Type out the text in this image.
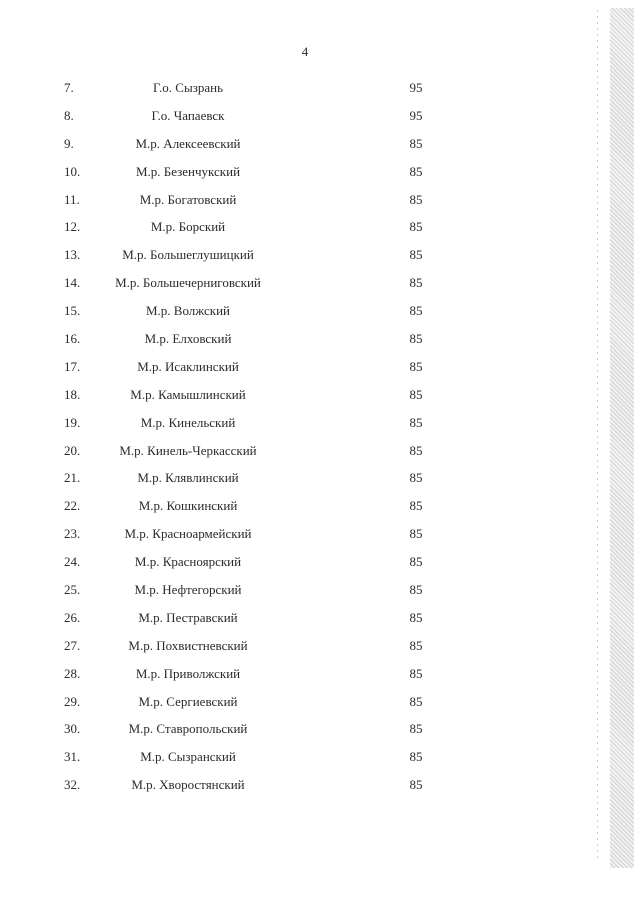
4
7.	Г.о. Сызрань	95
8.	Г.о. Чапаевск	95
9.	М.р. Алексеевский	85
10.	М.р. Безенчукский	85
11.	М.р. Богатовский	85
12.	М.р. Борский	85
13.	М.р. Большеглушицкий	85
14.	М.р. Большечерниговский	85
15.	М.р. Волжский	85
16.	М.р. Елховский	85
17.	М.р. Исаклинский	85
18.	М.р. Камышлинский	85
19.	М.р. Кинельский	85
20.	М.р. Кинель-Черкасский	85
21.	М.р. Клявлинский	85
22.	М.р. Кошкинский	85
23.	М.р. Красноармейский	85
24.	М.р. Красноярский	85
25.	М.р. Нефтегорский	85
26.	М.р. Пестравский	85
27.	М.р. Похвистневский	85
28.	М.р. Приволжский	85
29.	М.р. Сергиевский	85
30.	М.р. Ставропольский	85
31.	М.р. Сызранский	85
32.	М.р. Хворостянский	85
